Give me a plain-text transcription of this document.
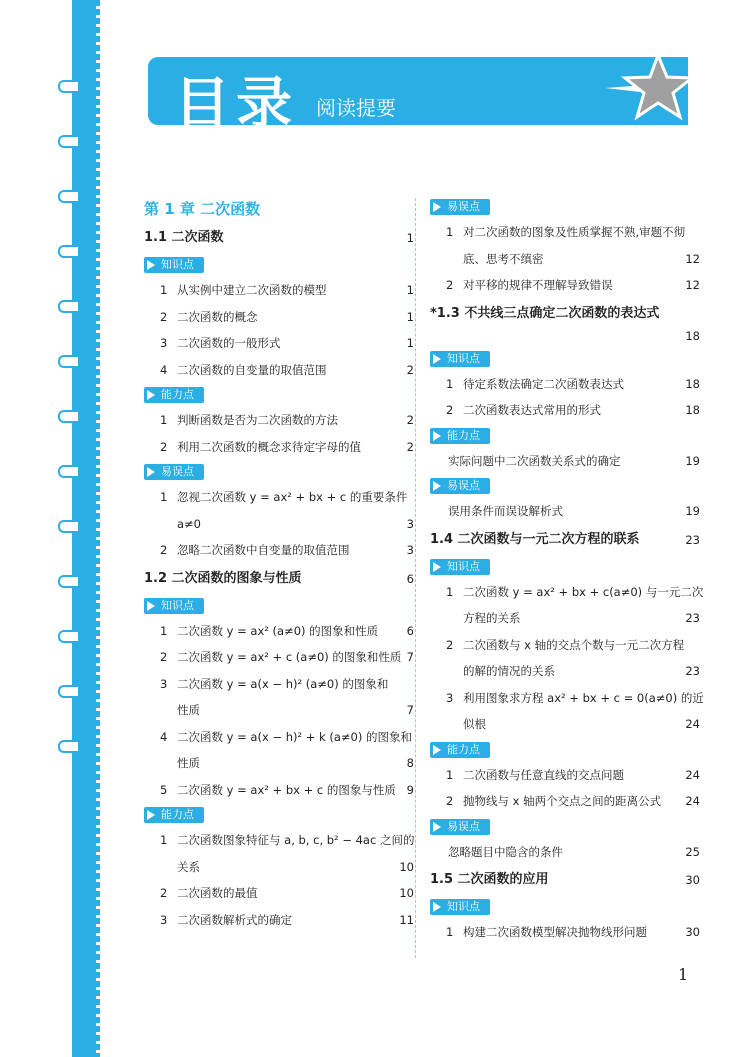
目录 阅读提要
第 1 章 二次函数
1.1 二次函数	1
知识点
1 从实例中建立二次函数的模型	1
2 二次函数的概念	1
3 二次函数的一般形式	1
4 二次函数的自变量的取值范围	2
能力点
1 判断函数是否为二次函数的方法	2
2 利用二次函数的概念求待定字母的值	2
易误点
1 忽视二次函数 y = ax² + bx + c 的重要条件
a≠0	3
2 忽略二次函数中自变量的取值范围	3
1.2 二次函数的图象与性质	6
知识点
1 二次函数 y = ax² (a≠0) 的图象和性质 6
2 二次函数 y = ax² + c (a≠0) 的图象和性质 7
3 二次函数 y = a(x − h)² (a≠0) 的图象和
性质	7
4 二次函数 y = a(x − h)² + k (a≠0) 的图象和
性质	8
5 二次函数 y = ax² + bx + c 的图象与性质 9
能力点
1 二次函数图象特征与 a, b, c, b² − 4ac 之间的
关系	10
2 二次函数的最值	10
3 二次函数解析式的确定	11
易误点
1 对二次函数的图象及性质掌握不熟,审题不彻
底、思考不缜密	12
2 对平移的规律不理解导致错误	12
*1.3 不共线三点确定二次函数的表达式
18
知识点
1 待定系数法确定二次函数表达式	18
2 二次函数表达式常用的形式	18
能力点
实际问题中二次函数关系式的确定	19
易误点
误用条件而误设解析式	19
1.4 二次函数与一元二次方程的联系	23
知识点
1 二次函数 y = ax² + bx + c(a≠0) 与一元二次
方程的关系	23
2 二次函数与 x 轴的交点个数与一元二次方程
的解的情况的关系	23
3 利用图象求方程 ax² + bx + c = 0(a≠0) 的近
似根	24
能力点
1 二次函数与任意直线的交点问题	24
2 抛物线与 x 轴两个交点之间的距离公式 24
易误点
忽略题目中隐含的条件	25
1.5 二次函数的应用	30
知识点
1 构建二次函数模型解决抛物线形问题	30
1
